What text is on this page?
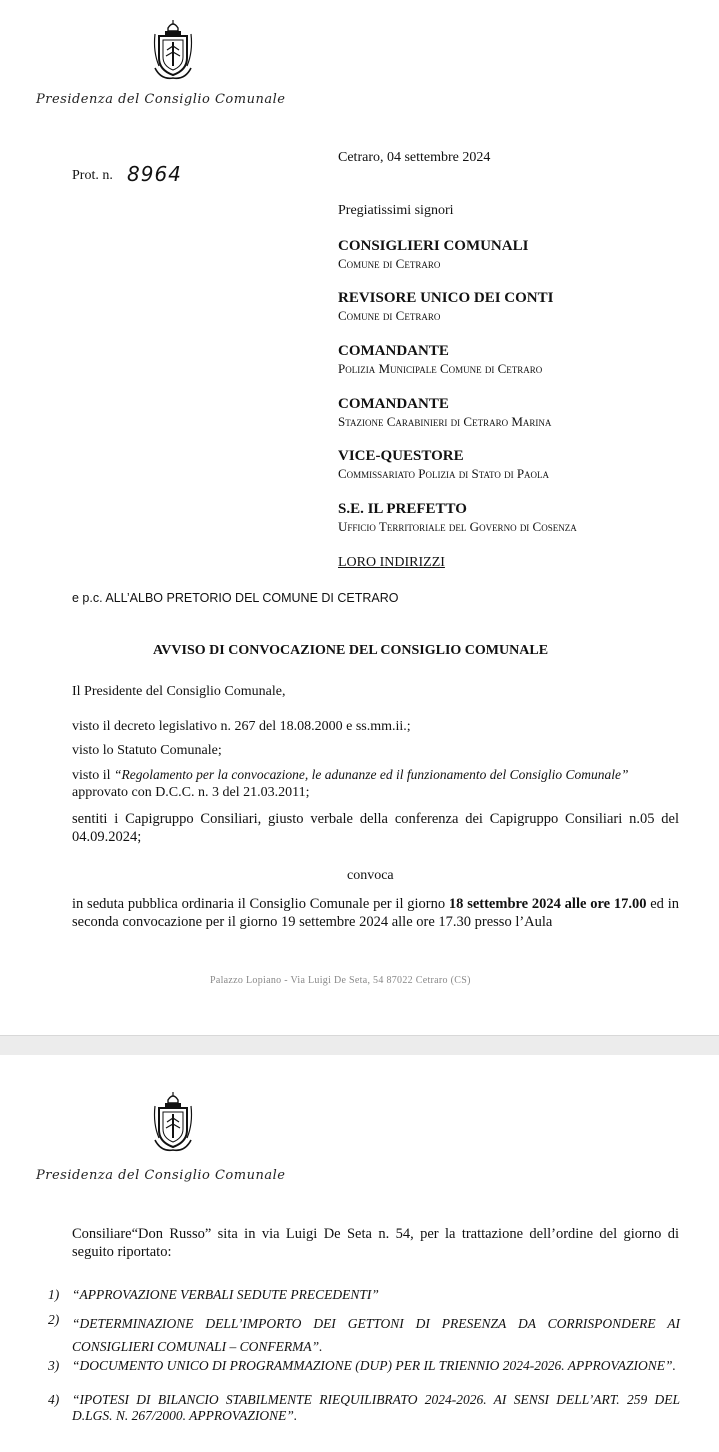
Presidenza del Consiglio Comunale
Cetraro, 04 settembre 2024
Prot. n. 8964
Pregiatissimi signori
CONSIGLIERI COMUNALI
Comune di Cetraro
REVISORE UNICO DEI CONTI
Comune di Cetraro
COMANDANTE
Polizia Municipale Comune di Cetraro
COMANDANTE
Stazione Carabinieri di Cetraro Marina
VICE-QUESTORE
Commissariato Polizia di Stato di Paola
S.E. IL PREFETTO
Ufficio Territoriale del Governo di Cosenza
LORO INDIRIZZI
e p.c. ALL’ALBO PRETORIO DEL COMUNE DI CETRARO
AVVISO DI CONVOCAZIONE DEL CONSIGLIO COMUNALE
Il Presidente del Consiglio Comunale,
visto il decreto legislativo n. 267 del 18.08.2000 e ss.mm.ii.;
visto lo Statuto Comunale;
visto il “Regolamento per la convocazione, le adunanze ed il funzionamento del Consiglio Comunale”
approvato con D.C.C. n. 3 del 21.03.2011;
sentiti i Capigruppo Consiliari, giusto verbale della conferenza dei Capigruppo Consiliari n.05 del 04.09.2024;
convoca
in seduta pubblica ordinaria il Consiglio Comunale per il giorno 18 settembre 2024 alle ore 17.00 ed in seconda convocazione per il giorno 19 settembre 2024 alle ore 17.30 presso l’Aula
Palazzo Lopiano - Via Luigi De Seta, 54 87022 Cetraro (CS)
Presidenza del Consiglio Comunale
Consiliare“Don Russo” sita in via Luigi De Seta n. 54, per la trattazione dell’ordine del giorno di seguito riportato:
1) “APPROVAZIONE VERBALI SEDUTE PRECEDENTI”
2) “DETERMINAZIONE DELL’IMPORTO DEI GETTONI DI PRESENZA DA CORRISPONDERE AI CONSIGLIERI COMUNALI – CONFERMA”.
3) “DOCUMENTO UNICO DI PROGRAMMAZIONE (DUP) PER IL TRIENNIO 2024-2026. APPROVAZIONE”.
4) “IPOTESI DI BILANCIO STABILMENTE RIEQUILIBRATO 2024-2026. AI SENSI DELL’ART. 259 DEL D.LGS. N. 267/2000. APPROVAZIONE”.
